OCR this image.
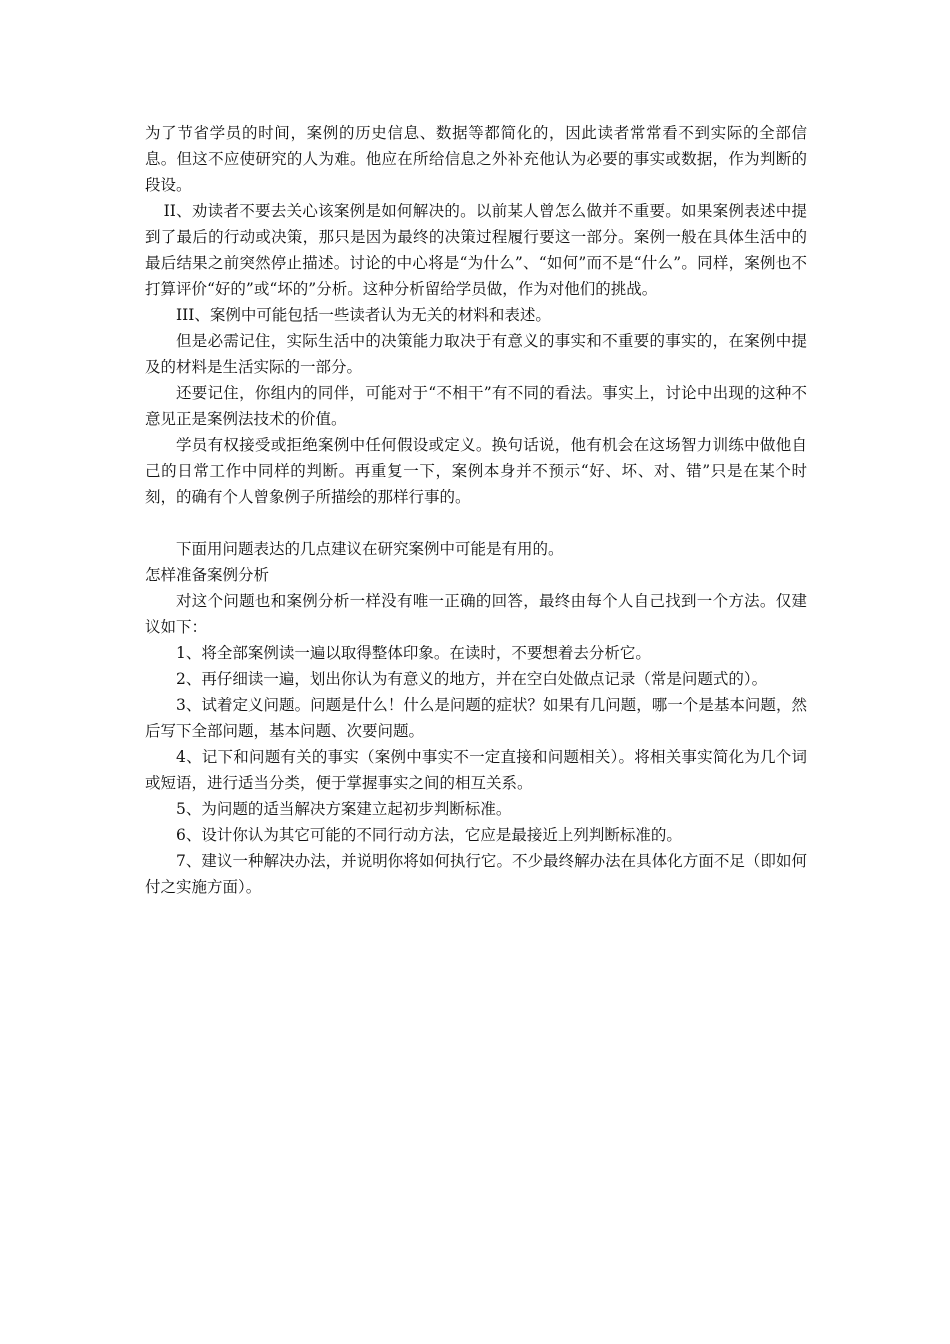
为了节省学员的时间，案例的历史信息、数据等都简化的，因此读者常常看不到实际的全部信息。但这不应使研究的人为难。他应在所给信息之外补充他认为必要的事实或数据，作为判断的段设。

II、劝读者不要去关心该案例是如何解决的。以前某人曾怎么做并不重要。如果案例表述中提到了最后的行动或决策，那只是因为最终的决策过程履行要这一部分。案例一般在具体生活中的最后结果之前突然停止描述。讨论的中心将是“为什么”、“如何”而不是“什么”。同样，案例也不打算评价“好的”或“坏的”分析。这种分析留给学员做，作为对他们的挑战。

III、案例中可能包括一些读者认为无关的材料和表述。

但是必需记住，实际生活中的决策能力取决于有意义的事实和不重要的事实的，在案例中提及的材料是生活实际的一部分。

还要记住，你组内的同伴，可能对于“不相干”有不同的看法。事实上，讨论中出现的这种不意见正是案例法技术的价值。

学员有权接受或拒绝案例中任何假设或定义。换句话说，他有机会在这场智力训练中做他自己的日常工作中同样的判断。再重复一下，案例本身并不预示“好、坏、对、错”只是在某个时刻，的确有个人曾象例子所描绘的那样行事的。

下面用问题表达的几点建议在研究案例中可能是有用的。

怎样准备案例分析

对这个问题也和案例分析一样没有唯一正确的回答，最终由每个人自己找到一个方法。仅建议如下：

1、将全部案例读一遍以取得整体印象。在读时，不要想着去分析它。

2、再仔细读一遍，划出你认为有意义的地方，并在空白处做点记录（常是问题式的）。

3、试着定义问题。问题是什么！什么是问题的症状？如果有几问题，哪一个是基本问题，然后写下全部问题，基本问题、次要问题。

4、记下和问题有关的事实（案例中事实不一定直接和问题相关）。将相关事实简化为几个词或短语，进行适当分类，便于掌握事实之间的相互关系。

5、为问题的适当解决方案建立起初步判断标准。

6、设计你认为其它可能的不同行动方法，它应是最接近上列判断标准的。

7、建议一种解决办法，并说明你将如何执行它。不少最终解办法在具体化方面不足（即如何付之实施方面）。
